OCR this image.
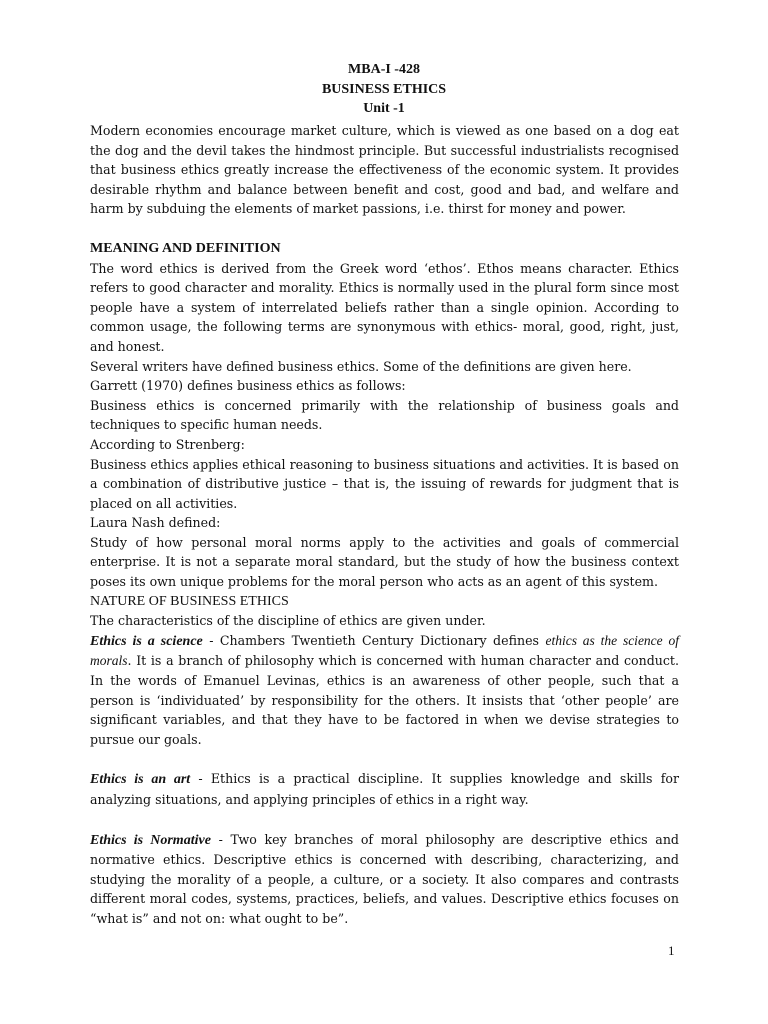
MBA-I -428
BUSINESS ETHICS
Unit -1

Modern economies encourage market culture, which is viewed as one based on a dog eat the dog and the devil takes the hindmost principle. But successful industrialists recognised that business ethics greatly increase the effectiveness of the economic system. It provides desirable rhythm and balance between benefit and cost, good and bad, and welfare and harm by subduing the elements of market passions, i.e. thirst for money and power.

MEANING AND DEFINITION

The word ethics is derived from the Greek word ‘ethos’. Ethos means character. Ethics refers to good character and morality. Ethics is normally used in the plural form since most people have a system of interrelated beliefs rather than a single opinion. According to common usage, the following terms are synonymous with ethics- moral, good, right, just, and honest.

Several writers have defined business ethics. Some of the definitions are given here.

Garrett (1970) defines business ethics as follows:

Business ethics is concerned primarily with the relationship of business goals and techniques to specific human needs.

According to Strenberg:

Business ethics applies ethical reasoning to business situations and activities. It is based on a combination of distributive justice – that is, the issuing of rewards for judgment that is placed on all activities.

Laura Nash defined:

Study of how personal moral norms apply to the activities and goals of commercial enterprise. It is not a separate moral standard, but the study of how the business context poses its own unique problems for the moral person who acts as an agent of this system.

NATURE OF BUSINESS ETHICS

The characteristics of the discipline of ethics are given under.

Ethics is a science - Chambers Twentieth Century Dictionary defines ethics as the science of morals. It is a branch of philosophy which is concerned with human character and conduct. In the words of Emanuel Levinas, ethics is an awareness of other people, such that a person is ‘individuated’ by responsibility for the others. It insists that ‘other people’ are significant variables, and that they have to be factored in when we devise strategies to pursue our goals.

Ethics is an art - Ethics is a practical discipline. It supplies knowledge and skills for analyzing situations, and applying principles of ethics in a right way.

Ethics is Normative - Two key branches of moral philosophy are descriptive ethics and normative ethics. Descriptive ethics is concerned with describing, characterizing, and studying the morality of a people, a culture, or a society. It also compares and contrasts different moral codes, systems, practices, beliefs, and values. Descriptive ethics focuses on “what is” and not on: what ought to be”.

1
